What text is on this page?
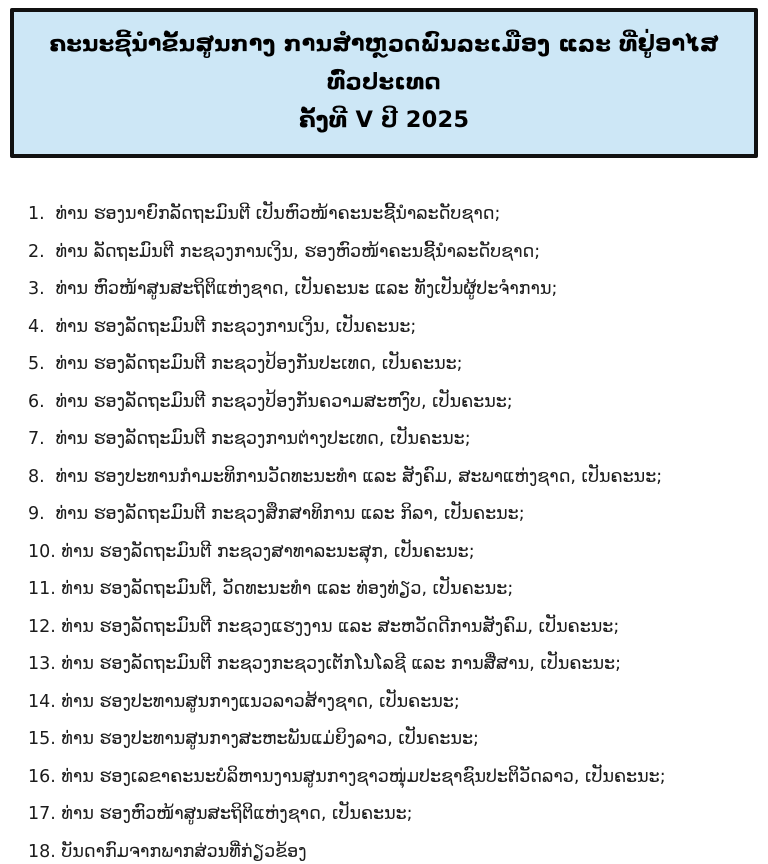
ຄະນະຊີ້ນຳຂັ້ນສູນກາງ ການສຳຫຼວດພົນລະເມືອງ ແລະ ທີ່ຢູ່ອາໄສທົ່ວປະເທດ
ຄັ້ງທີ V ປີ 2025
1. ທ່ານ ຮອງນາຍົກລັດຖະມົນຕີ ເປັນຫົວໜ້າຄະນະຊີ້ນຳລະດັບຊາດ;
2. ທ່ານ ລັດຖະມົນຕີ ກະຊວງການເງິນ, ຮອງຫົວໜ້າຄະນຊີ້ນຳລະດັບຊາດ;
3. ທ່ານ ຫົວໜ້າສູນສະຖິຕິແຫ່ງຊາດ, ເປັນຄະນະ ແລະ ທັງເປັນຜູ້ປະຈຳການ;
4. ທ່ານ ຮອງລັດຖະມົນຕີ ກະຊວງການເງິນ, ເປັນຄະນະ;
5. ທ່ານ ຮອງລັດຖະມົນຕີ ກະຊວງປ້ອງກັນປະເທດ, ເປັນຄະນະ;
6. ທ່ານ ຮອງລັດຖະມົນຕີ ກະຊວງປ້ອງກັນຄວາມສະຫງົບ, ເປັນຄະນະ;
7. ທ່ານ ຮອງລັດຖະມົນຕີ ກະຊວງການຕ່າງປະເທດ, ເປັນຄະນະ;
8. ທ່ານ ຮອງປະທານກຳມະທິການວັດທະນະທຳ ແລະ ສັງຄົມ, ສະພາແຫ່ງຊາດ, ເປັນຄະນະ;
9. ທ່ານ ຮອງລັດຖະມົນຕີ ກະຊວງສຶກສາທິການ ແລະ ກິລາ, ເປັນຄະນະ;
10. ທ່ານ ຮອງລັດຖະມົນຕີ ກະຊວງສາທາລະນະສຸກ, ເປັນຄະນະ;
11. ທ່ານ ຮອງລັດຖະມົນຕີ, ວັດທະນະທຳ ແລະ ທ່ອງທ່ຽວ, ເປັນຄະນະ;
12. ທ່ານ ຮອງລັດຖະມົນຕີ ກະຊວງແຮງງານ ແລະ ສະຫວັດດີການສັງຄົມ, ເປັນຄະນະ;
13. ທ່ານ ຮອງລັດຖະມົນຕີ ກະຊວງກະຊວງເຕັກໂນໂລຊີ ແລະ ການສື່ສານ, ເປັນຄະນະ;
14. ທ່ານ ຮອງປະທານສູນກາງແນວລາວສ້າງຊາດ, ເປັນຄະນະ;
15. ທ່ານ ຮອງປະທານສູນກາງສະຫະພັນແມ່ຍິງລາວ, ເປັນຄະນະ;
16. ທ່ານ ຮອງເລຂາຄະນະບໍລິຫານງານສູນກາງຊາວໜຸ່ມປະຊາຊົນປະຕິວັດລາວ, ເປັນຄະນະ;
17. ທ່ານ ຮອງຫົວໜ້າສູນສະຖິຕິແຫ່ງຊາດ, ເປັນຄະນະ;
18. ບັນດາກົມຈາກພາກສ່ວນທີ່ກ່ຽວຂ້ອງ
